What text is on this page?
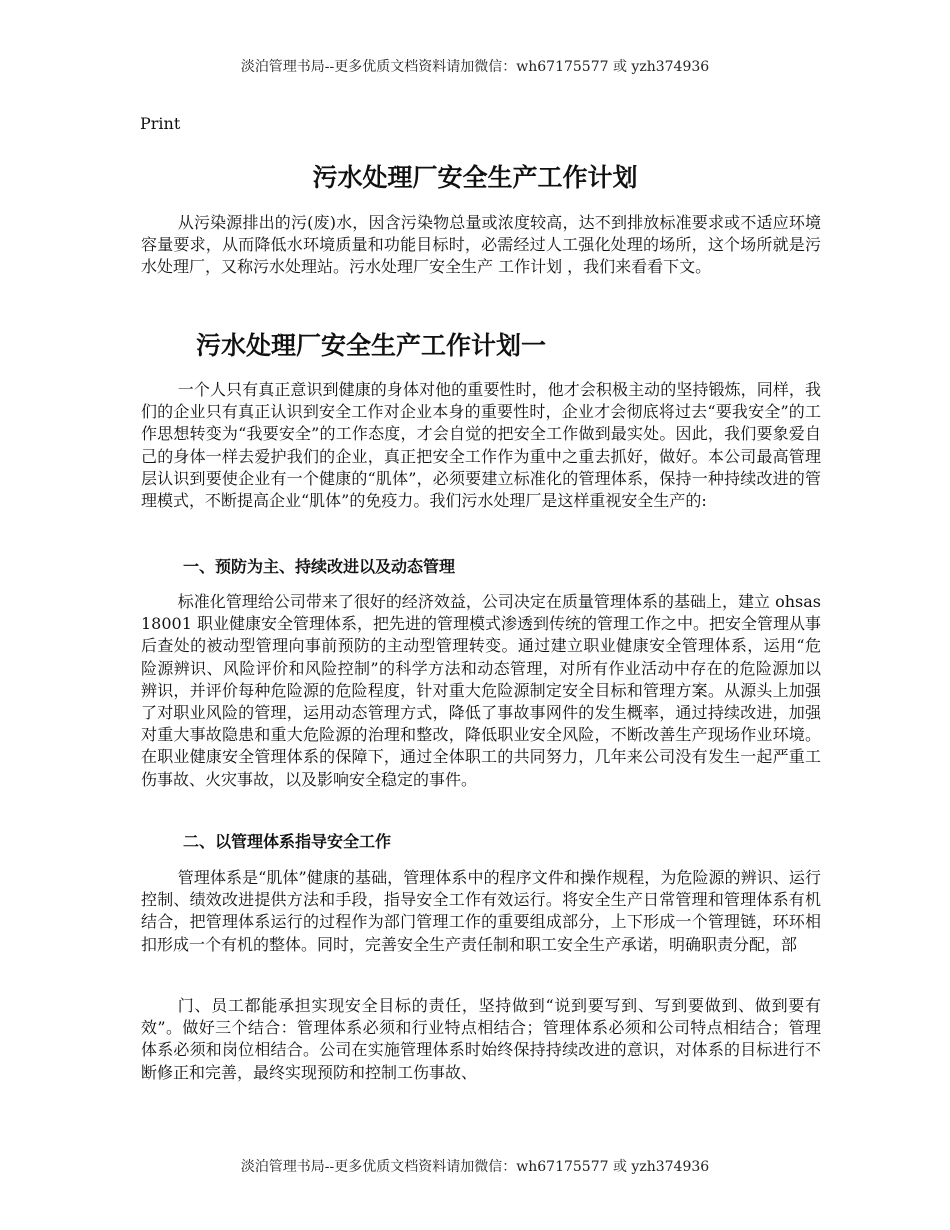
淡泊管理书局--更多优质文档资料请加微信：wh67175577 或 yzh374936
Print
污水处理厂安全生产工作计划

从污染源排出的污(废)水，因含污染物总量或浓度较高，达不到排放标准要求或不适应环境容量要求，从而降低水环境质量和功能目标时，必需经过人工强化处理的场所，这个场所就是污水处理厂，又称污水处理站。污水处理厂安全生产 工作计划 ，我们来看看下文。

污水处理厂安全生产工作计划一

一个人只有真正意识到健康的身体对他的重要性时，他才会积极主动的坚持锻炼，同样，我们的企业只有真正认识到安全工作对企业本身的重要性时，企业才会彻底将过去“要我安全”的工作思想转变为“我要安全”的工作态度，才会自觉的把安全工作做到最实处。因此，我们要象爱自己的身体一样去爱护我们的企业，真正把安全工作作为重中之重去抓好，做好。本公司最高管理层认识到要使企业有一个健康的“肌体”，必须要建立标准化的管理体系，保持一种持续改进的管理模式，不断提高企业“肌体”的免疫力。我们污水处理厂是这样重视安全生产的:

一、预防为主、持续改进以及动态管理

标准化管理给公司带来了很好的经济效益，公司决定在质量管理体系的基础上，建立 ohsas 18001 职业健康安全管理体系，把先进的管理模式渗透到传统的管理工作之中。把安全管理从事后查处的被动型管理向事前预防的主动型管理转变。通过建立职业健康安全管理体系，运用“危险源辨识、风险评价和风险控制”的科学方法和动态管理，对所有作业活动中存在的危险源加以辨识，并评价每种危险源的危险程度，针对重大危险源制定安全目标和管理方案。从源头上加强了对职业风险的管理，运用动态管理方式，降低了事故事网件的发生概率，通过持续改进，加强对重大事故隐患和重大危险源的治理和整改，降低职业安全风险，不断改善生产现场作业环境。在职业健康安全管理体系的保障下，通过全体职工的共同努力，几年来公司没有发生一起严重工伤事故、火灾事故，以及影响安全稳定的事件。

二、以管理体系指导安全工作

管理体系是“肌体”健康的基础，管理体系中的程序文件和操作规程，为危险源的辨识、运行控制、绩效改进提供方法和手段，指导安全工作有效运行。将安全生产日常管理和管理体系有机结合，把管理体系运行的过程作为部门管理工作的重要组成部分，上下形成一个管理链，环环相扣形成一个有机的整体。同时，完善安全生产责任制和职工安全生产承诺，明确职责分配，部

门、员工都能承担实现安全目标的责任，坚持做到“说到要写到、写到要做到、做到要有效”。做好三个结合：管理体系必须和行业特点相结合；管理体系必须和公司特点相结合；管理体系必须和岗位相结合。公司在实施管理体系时始终保持持续改进的意识，对体系的目标进行不断修正和完善，最终实现预防和控制工伤事故、

淡泊管理书局--更多优质文档资料请加微信：wh67175577 或 yzh374936
